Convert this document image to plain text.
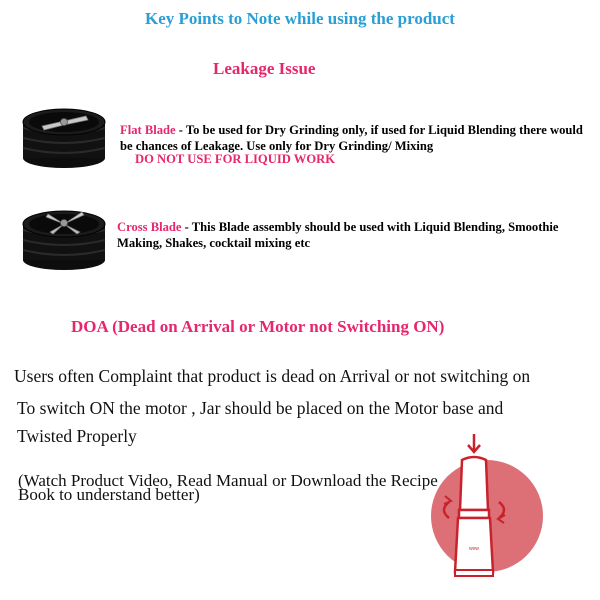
Key Points to Note while using the product
Leakage Issue
Flat Blade - To be used for Dry Grinding only, if used for Liquid Blending there would be chances of Leakage. Use only for Dry Grinding/ Mixing
DO NOT USE FOR LIQUID WORK
Cross Blade - This Blade assembly should be used with Liquid Blending, Smoothie Making, Shakes, cocktail mixing etc
DOA (Dead on Arrival or Motor not Switching ON)
Users often Complaint that product is dead on Arrival or not switching on
To switch ON the motor , Jar should be placed on the Motor base and
Twisted Properly
(Watch Product Video, Read Manual or Download the Recipe Book to understand better)
wvw
